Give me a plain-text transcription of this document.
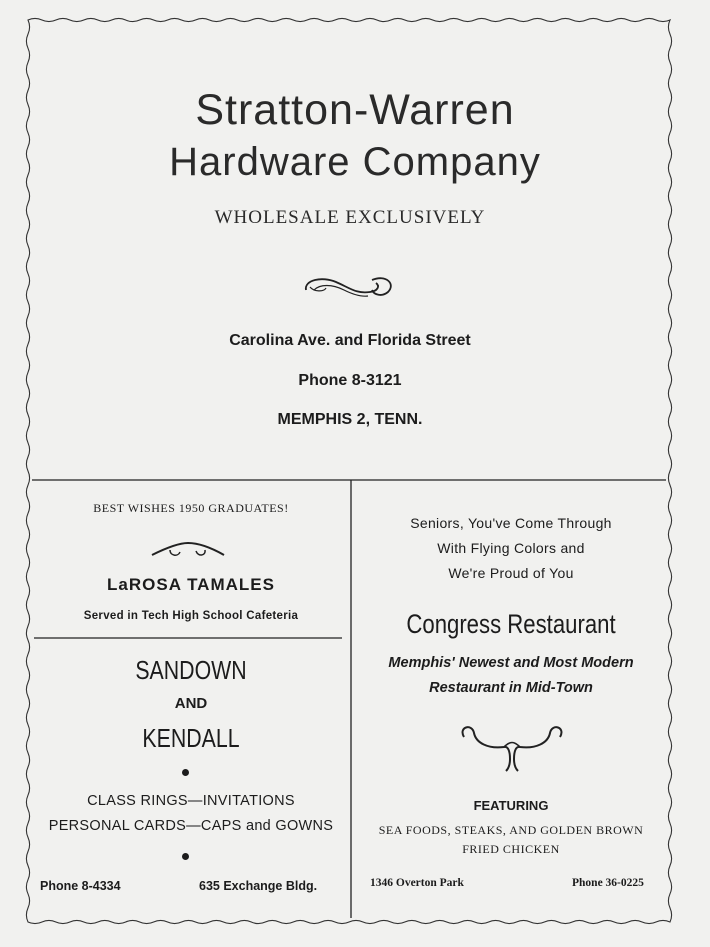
Stratton-Warren
Hardware Company
WHOLESALE EXCLUSIVELY
Carolina Ave. and Florida Street
Phone 8-3121
MEMPHIS 2, TENN.
BEST WISHES 1950 GRADUATES!
LaROSA TAMALES
Served in Tech High School Cafeteria
SANDOWN
AND
KENDALL
CLASS RINGS—INVITATIONS
PERSONAL CARDS—CAPS and GOWNS
Phone 8-4334	635 Exchange Bldg.
Seniors, You've Come Through
With Flying Colors and
We're Proud of You
Congress Restaurant
Memphis' Newest and Most Modern
Restaurant in Mid-Town
FEATURING
SEA FOODS, STEAKS, AND GOLDEN BROWN
FRIED CHICKEN
1346 Overton Park	Phone 36-0225
